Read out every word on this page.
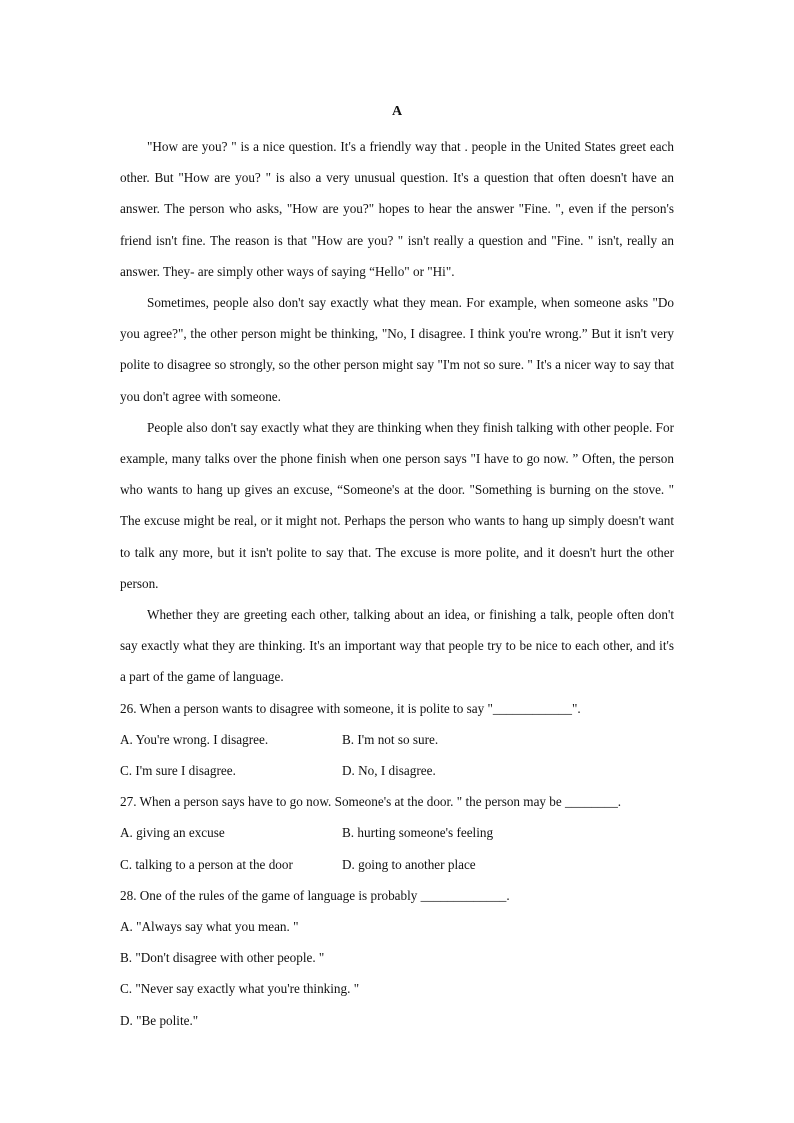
A

"How are you? " is a nice question. It's a friendly way that . people in the United States greet each other. But "How are you? " is also a very unusual question. It's a question that often doesn't have an answer. The person who asks, "How are you?" hopes to hear the answer "Fine. ", even if the person's friend isn't fine. The reason is that "How are you? " isn't really a question and "Fine. " isn't, really an answer. They- are simply other ways of saying “Hello" or "Hi".

Sometimes, people also don't say exactly what they mean. For example, when someone asks "Do you agree?", the other person might be thinking, "No, I disagree. I think you're wrong.” But it isn't very polite to disagree so strongly, so the other person might say "I'm not so sure. " It's a nicer way to say that you don't agree with someone.

People also don't say exactly what they are thinking when they finish talking with other people. For example, many talks over the phone finish when one person says "I have to go now. ” Often, the person who wants to hang up gives an excuse, “Someone's at the door. "Something is burning on the stove. " The excuse might be real, or it might not. Perhaps the person who wants to hang up simply doesn't want to talk any more, but it isn't polite to say that. The excuse is more polite, and it doesn't hurt the other person.

Whether they are greeting each other, talking about an idea, or finishing a talk, people often don't say exactly what they are thinking. It's an important way that people try to be nice to each other, and it's a part of the game of language.

26. When a person wants to disagree with someone, it is polite to say "____________".

A. You're wrong. I disagree.	B. I'm not so sure.
C. I'm sure I disagree.	D. No, I disagree.

27. When a person says have to go now. Someone's at the door. " the person may be ________.

A. giving an excuse	B. hurting someone's feeling
C. talking to a person at the door	D. going to another place

28. One of the rules of the game of language is probably _____________.

A. "Always say what you mean. "

B. "Don't disagree with other people. "

C. "Never say exactly what you're thinking. "

D. "Be polite."
